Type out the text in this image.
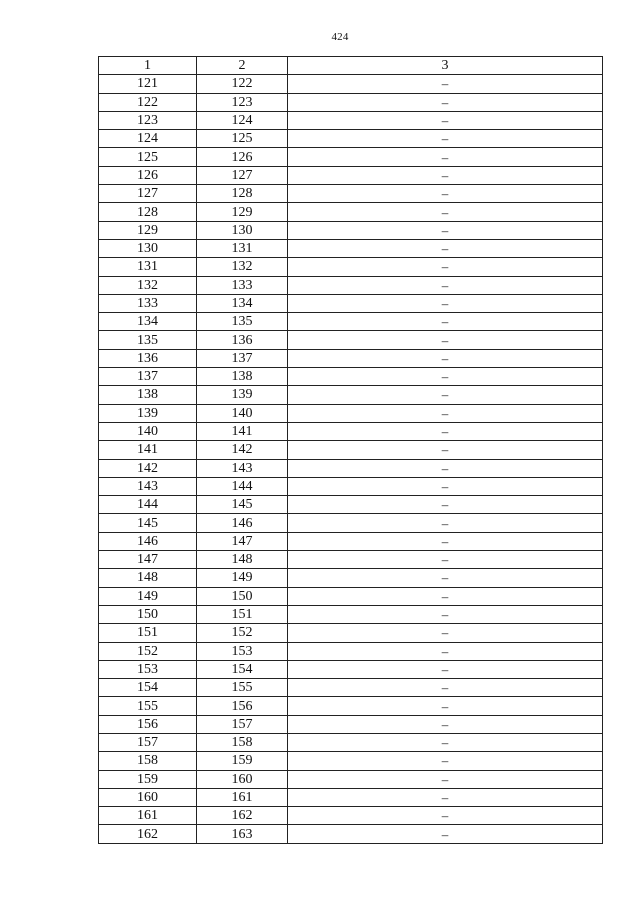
424
1	2	3
121	122	–
122	123	–
123	124	–
124	125	–
125	126	–
126	127	–
127	128	–
128	129	–
129	130	–
130	131	–
131	132	–
132	133	–
133	134	–
134	135	–
135	136	–
136	137	–
137	138	–
138	139	–
139	140	–
140	141	–
141	142	–
142	143	–
143	144	–
144	145	–
145	146	–
146	147	–
147	148	–
148	149	–
149	150	–
150	151	–
151	152	–
152	153	–
153	154	–
154	155	–
155	156	–
156	157	–
157	158	–
158	159	–
159	160	–
160	161	–
161	162	–
162	163	–
